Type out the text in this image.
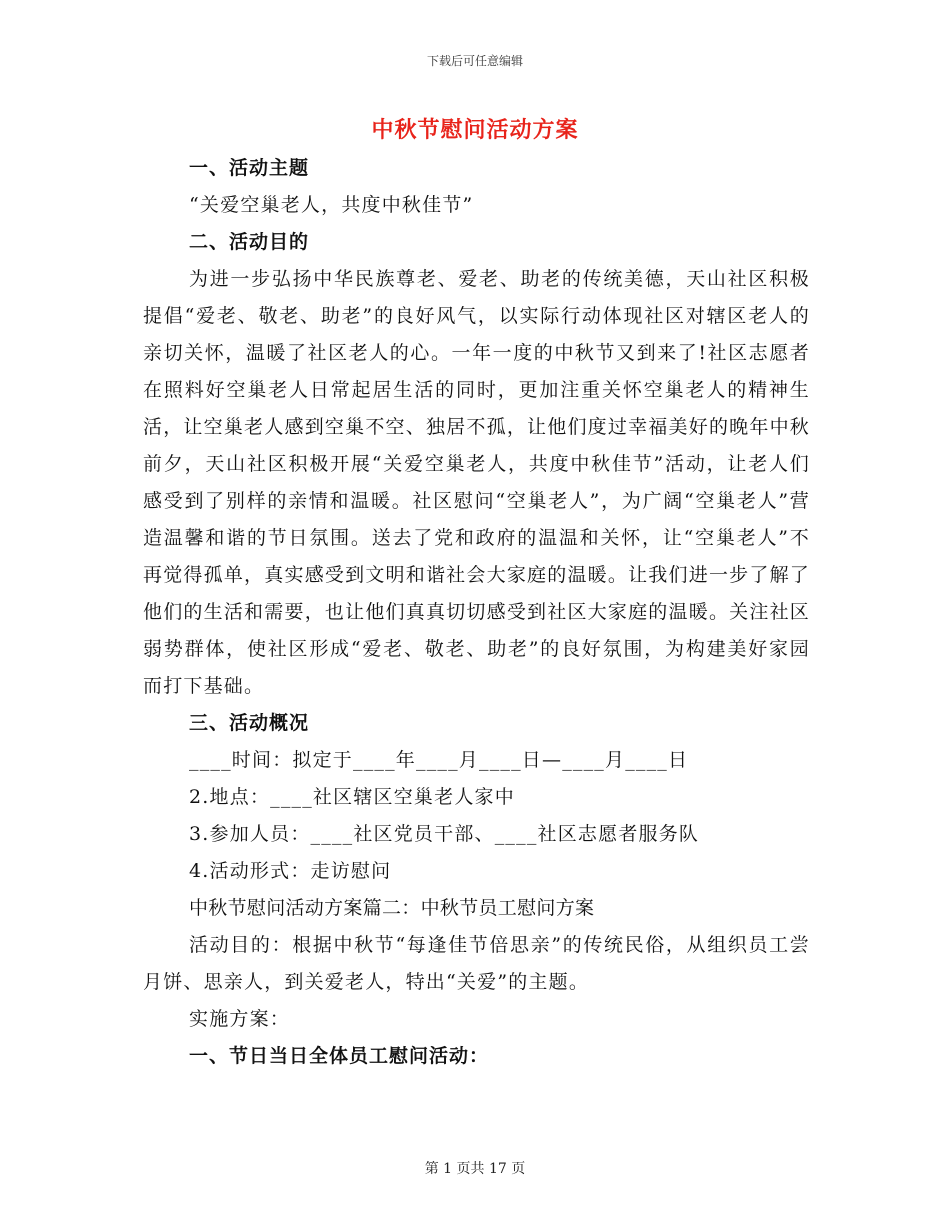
下载后可任意编辑
中秋节慰问活动方案
一、活动主题
“关爱空巢老人，共度中秋佳节”
二、活动目的
为进一步弘扬中华民族尊老、爱老、助老的传统美德，天山社区积极提倡“爱老、敬老、助老”的良好风气，以实际行动体现社区对辖区老人的亲切关怀，温暖了社区老人的心。一年一度的中秋节又到来了!社区志愿者在照料好空巢老人日常起居生活的同时，更加注重关怀空巢老人的精神生活，让空巢老人感到空巢不空、独居不孤，让他们度过幸福美好的晚年中秋前夕，天山社区积极开展“关爱空巢老人，共度中秋佳节”活动，让老人们感受到了别样的亲情和温暖。社区慰问“空巢老人”，为广阔“空巢老人”营造温馨和谐的节日氛围。送去了党和政府的温温和关怀，让“空巢老人”不再觉得孤单，真实感受到文明和谐社会大家庭的温暖。让我们进一步了解了他们的生活和需要，也让他们真真切切感受到社区大家庭的温暖。关注社区弱势群体，使社区形成“爱老、敬老、助老”的良好氛围，为构建美好家园而打下基础。
三、活动概况
____时间：拟定于____年____月____日—____月____日
2.地点：____社区辖区空巢老人家中
3.参加人员：____社区党员干部、____社区志愿者服务队
4.活动形式：走访慰问
中秋节慰问活动方案篇二：中秋节员工慰问方案
活动目的：根据中秋节“每逢佳节倍思亲”的传统民俗，从组织员工尝月饼、思亲人，到关爱老人，特出“关爱”的主题。
实施方案：
一、节日当日全体员工慰问活动：
第 1 页共 17 页
